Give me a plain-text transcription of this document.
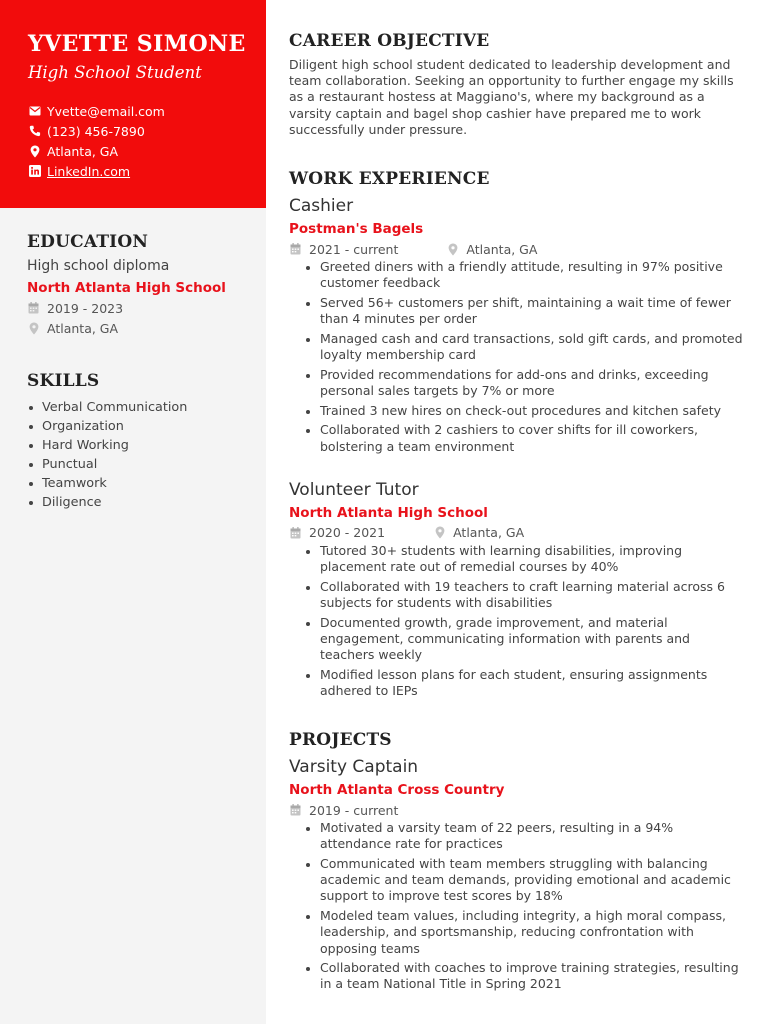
YVETTE SIMONE
High School Student
Yvette@email.com
(123) 456-7890
Atlanta, GA
LinkedIn.com
EDUCATION
High school diploma
North Atlanta High School
2019 - 2023
Atlanta, GA
SKILLS
Verbal Communication
Organization
Hard Working
Punctual
Teamwork
Diligence
CAREER OBJECTIVE

Diligent high school student dedicated to leadership development and team collaboration. Seeking an opportunity to further engage my skills as a restaurant hostess at Maggiano's, where my background as a varsity captain and bagel shop cashier have prepared me to work successfully under pressure.

WORK EXPERIENCE
Cashier
Postman's Bagels
2021 - current	Atlanta, GA
Greeted diners with a friendly attitude, resulting in 97% positive customer feedback
Served 56+ customers per shift, maintaining a wait time of fewer than 4 minutes per order
Managed cash and card transactions, sold gift cards, and promoted loyalty membership card
Provided recommendations for add-ons and drinks, exceeding personal sales targets by 7% or more
Trained 3 new hires on check-out procedures and kitchen safety
Collaborated with 2 cashiers to cover shifts for ill coworkers, bolstering a team environment
Volunteer Tutor
North Atlanta High School
2020 - 2021	Atlanta, GA
Tutored 30+ students with learning disabilities, improving placement rate out of remedial courses by 40%
Collaborated with 19 teachers to craft learning material across 6 subjects for students with disabilities
Documented growth, grade improvement, and material engagement, communicating information with parents and teachers weekly
Modified lesson plans for each student, ensuring assignments adhered to IEPs
PROJECTS
Varsity Captain
North Atlanta Cross Country
2019 - current
Motivated a varsity team of 22 peers, resulting in a 94% attendance rate for practices
Communicated with team members struggling with balancing academic and team demands, providing emotional and academic support to improve test scores by 18%
Modeled team values, including integrity, a high moral compass, leadership, and sportsmanship, reducing confrontation with opposing teams
Collaborated with coaches to improve training strategies, resulting in a team National Title in Spring 2021
